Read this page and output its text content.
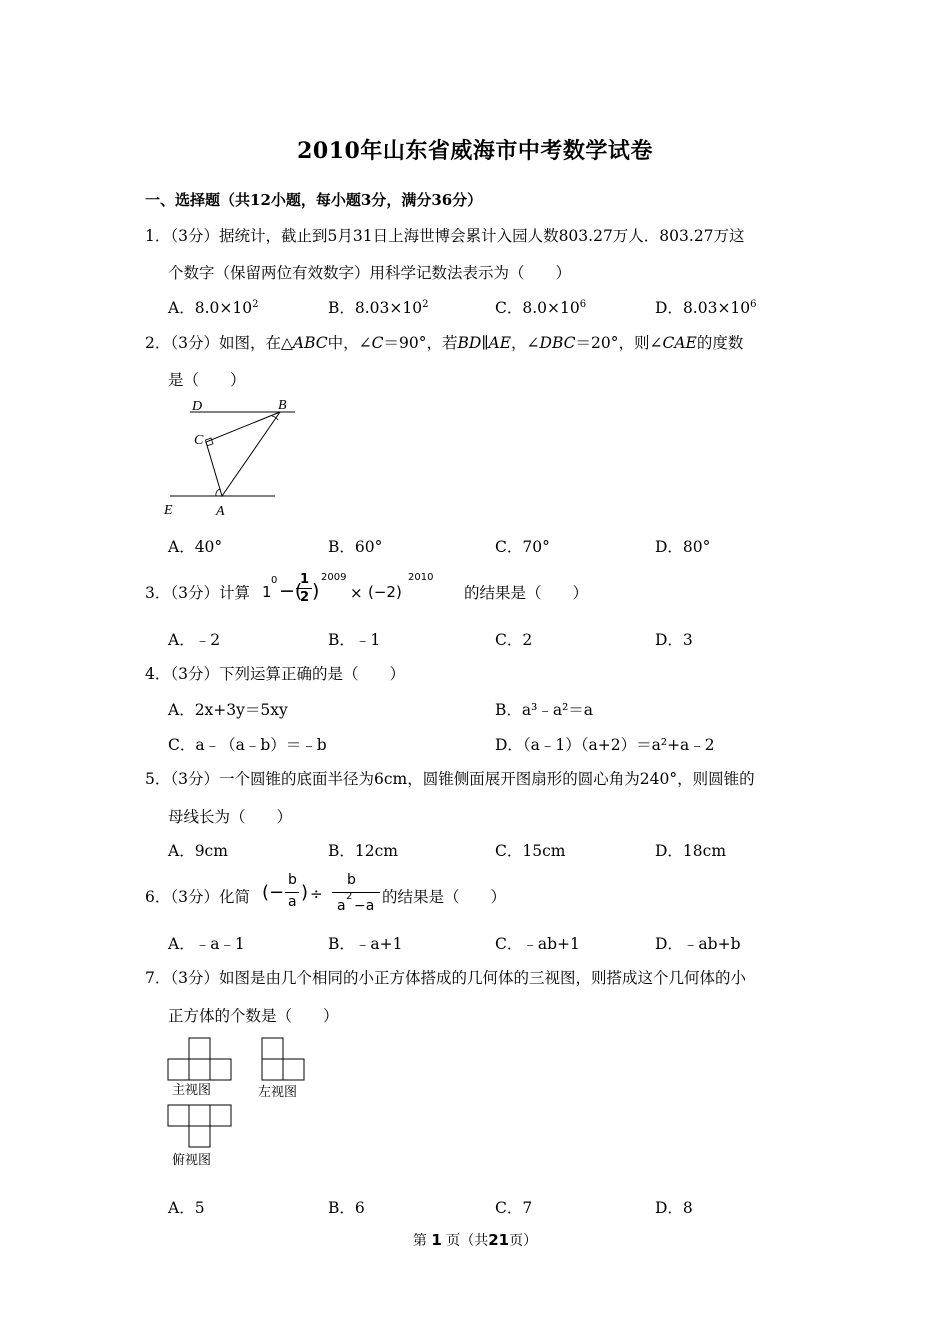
2010年山东省威海市中考数学试卷
一、选择题（共12小题，每小题3分，满分36分）
1．（3分）据统计，截止到5月31日上海世博会累计入园人数803.27万人．803.27万这
个数字（保留两位有效数字）用科学记数法表示为（　　）
A．$8.0\times 10^2$	B．$8.03\times 10^2$	C．$8.0\times 10^6$	D．$8.03\times 10^6$
2．（3分）如图，在△ABC中，∠C＝90°，若BD∥AE，∠DBC＝20°，则∠CAE的度数
是（　　）
D	B
C
E	A
A．40°	B．60°	C．70°	D．80°
3．（3分）计算 1
0 −(
1
2 )
2009
× (−2)
2010
的结果是（　　）
A．﹣2	B．﹣1	C．2	D．3
4．（3分）下列运算正确的是（　　）
A．2x+3y＝5xy	B．a³﹣a²＝a
C．a﹣（a﹣b）＝﹣b	D．（a﹣1）（a+2）＝a²+a﹣2
5．（3分）一个圆锥的底面半径为6cm，圆锥侧面展开图扇形的圆心角为240°，则圆锥的
母线长为（　　）
A．9cm	B．12cm	C．15cm	D．18cm
6．（3分）化简 (−
b
a ) ÷
b
a
2
−a 的结果是（　　）
A．﹣a﹣1	B．﹣a+1	C．﹣ab+1	D．﹣ab+b
7．（3分）如图是由几个相同的小正方体搭成的几何体的三视图，则搭成这个几何体的小
正方体的个数是（　　）
主视图	左视图
俯视图
A．5	B．6	C．7	D．8
第 1 页（共21页）
